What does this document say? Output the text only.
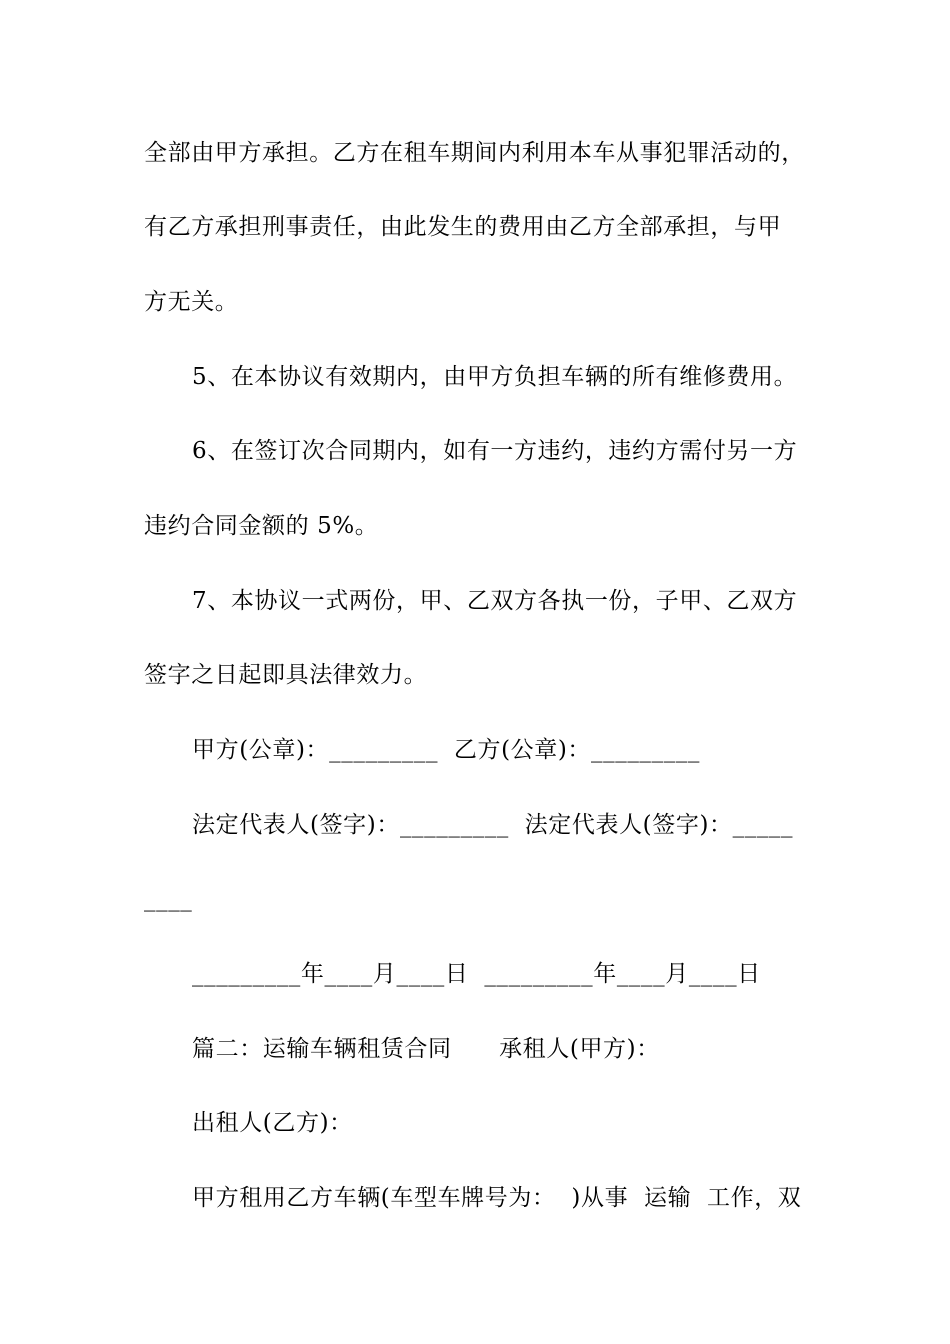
全部由甲方承担。乙方在租车期间内利用本车从事犯罪活动的，
有乙方承担刑事责任，由此发生的费用由乙方全部承担，与甲
方无关。
5、在本协议有效期内，由甲方负担车辆的所有维修费用。
6、在签订次合同期内，如有一方违约，违约方需付另一方
违约合同金额的 5%。
7、本协议一式两份，甲、乙双方各执一份，子甲、乙双方
签字之日起即具法律效力。
甲方(公章)：_________  乙方(公章)：_________
法定代表人(签字)：_________  法定代表人(签字)：_____
____
_________年____月____日  _________年____月____日
篇二：运输车辆租赁合同      承租人(甲方)：
出租人(乙方)：
甲方租用乙方车辆(车型车牌号为：  )从事  运输  工作，双
